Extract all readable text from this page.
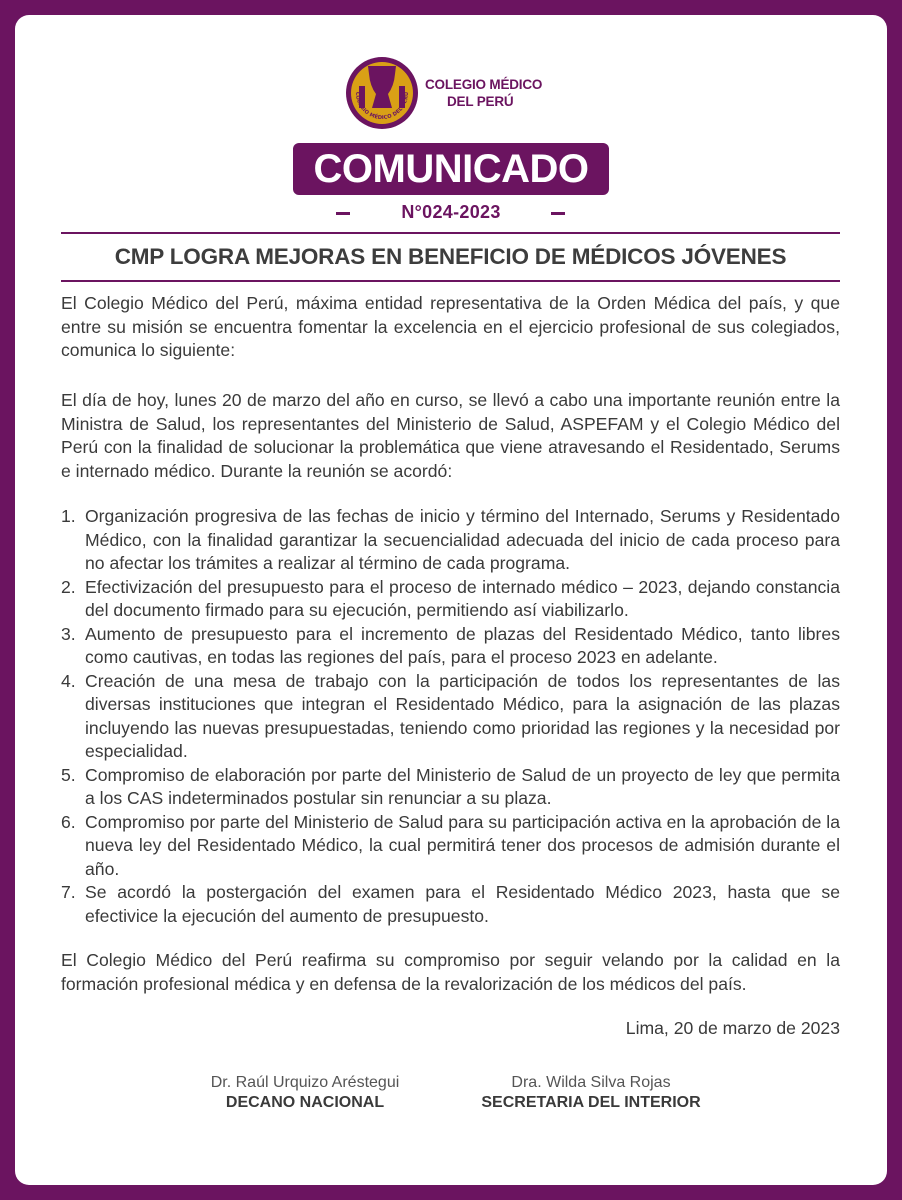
COLEGIO MÉDICO DEL PERÚ
COLEGIO MÉDICO
DEL PERÚ
COMUNICADO
N°024-2023
CMP LOGRA MEJORAS EN BENEFICIO DE MÉDICOS JÓVENES

El Colegio Médico del Perú, máxima entidad representativa de la Orden Médica del país, y que entre su misión se encuentra fomentar la excelencia en el ejercicio profesional de sus colegiados, comunica lo siguiente:

El día de hoy, lunes 20 de marzo del año en curso, se llevó a cabo una importante reunión entre la Ministra de Salud, los representantes del Ministerio de Salud, ASPEFAM y el Colegio Médico del Perú con la finalidad de solucionar la problemática que viene atravesando el Residentado, Serums e internado médico. Durante la reunión se acordó:

1. Organización progresiva de las fechas de inicio y término del Internado, Serums y Residentado Médico, con la finalidad garantizar la secuencialidad adecuada del inicio de cada proceso para no afectar los trámites a realizar al término de cada programa.
2. Efectivización del presupuesto para el proceso de internado médico – 2023, dejando constancia del documento firmado para su ejecución, permitiendo así viabilizarlo.
3. Aumento de presupuesto para el incremento de plazas del Residentado Médico, tanto libres como cautivas, en todas las regiones del país, para el proceso 2023 en adelante.
4. Creación de una mesa de trabajo con la participación de todos los representantes de las diversas instituciones que integran el Residentado Médico, para la asignación de las plazas incluyendo las nuevas presupuestadas, teniendo como prioridad las regiones y la necesidad por especialidad.
5. Compromiso de elaboración por parte del Ministerio de Salud de un proyecto de ley que permita a los CAS indeterminados postular sin renunciar a su plaza.
6. Compromiso por parte del Ministerio de Salud para su participación activa en la aprobación de la nueva ley del Residentado Médico, la cual permitirá tener dos procesos de admisión durante el año.
7. Se acordó la postergación del examen para el Residentado Médico 2023, hasta que se efectivice la ejecución del aumento de presupuesto.

El Colegio Médico del Perú reafirma su compromiso por seguir velando por la calidad en la formación profesional médica y en defensa de la revalorización de los médicos del país.

Lima, 20 de marzo de 2023
Dr. Raúl Urquizo Aréstegui
DECANO NACIONAL
Dra. Wilda Silva Rojas
SECRETARIA DEL INTERIOR
